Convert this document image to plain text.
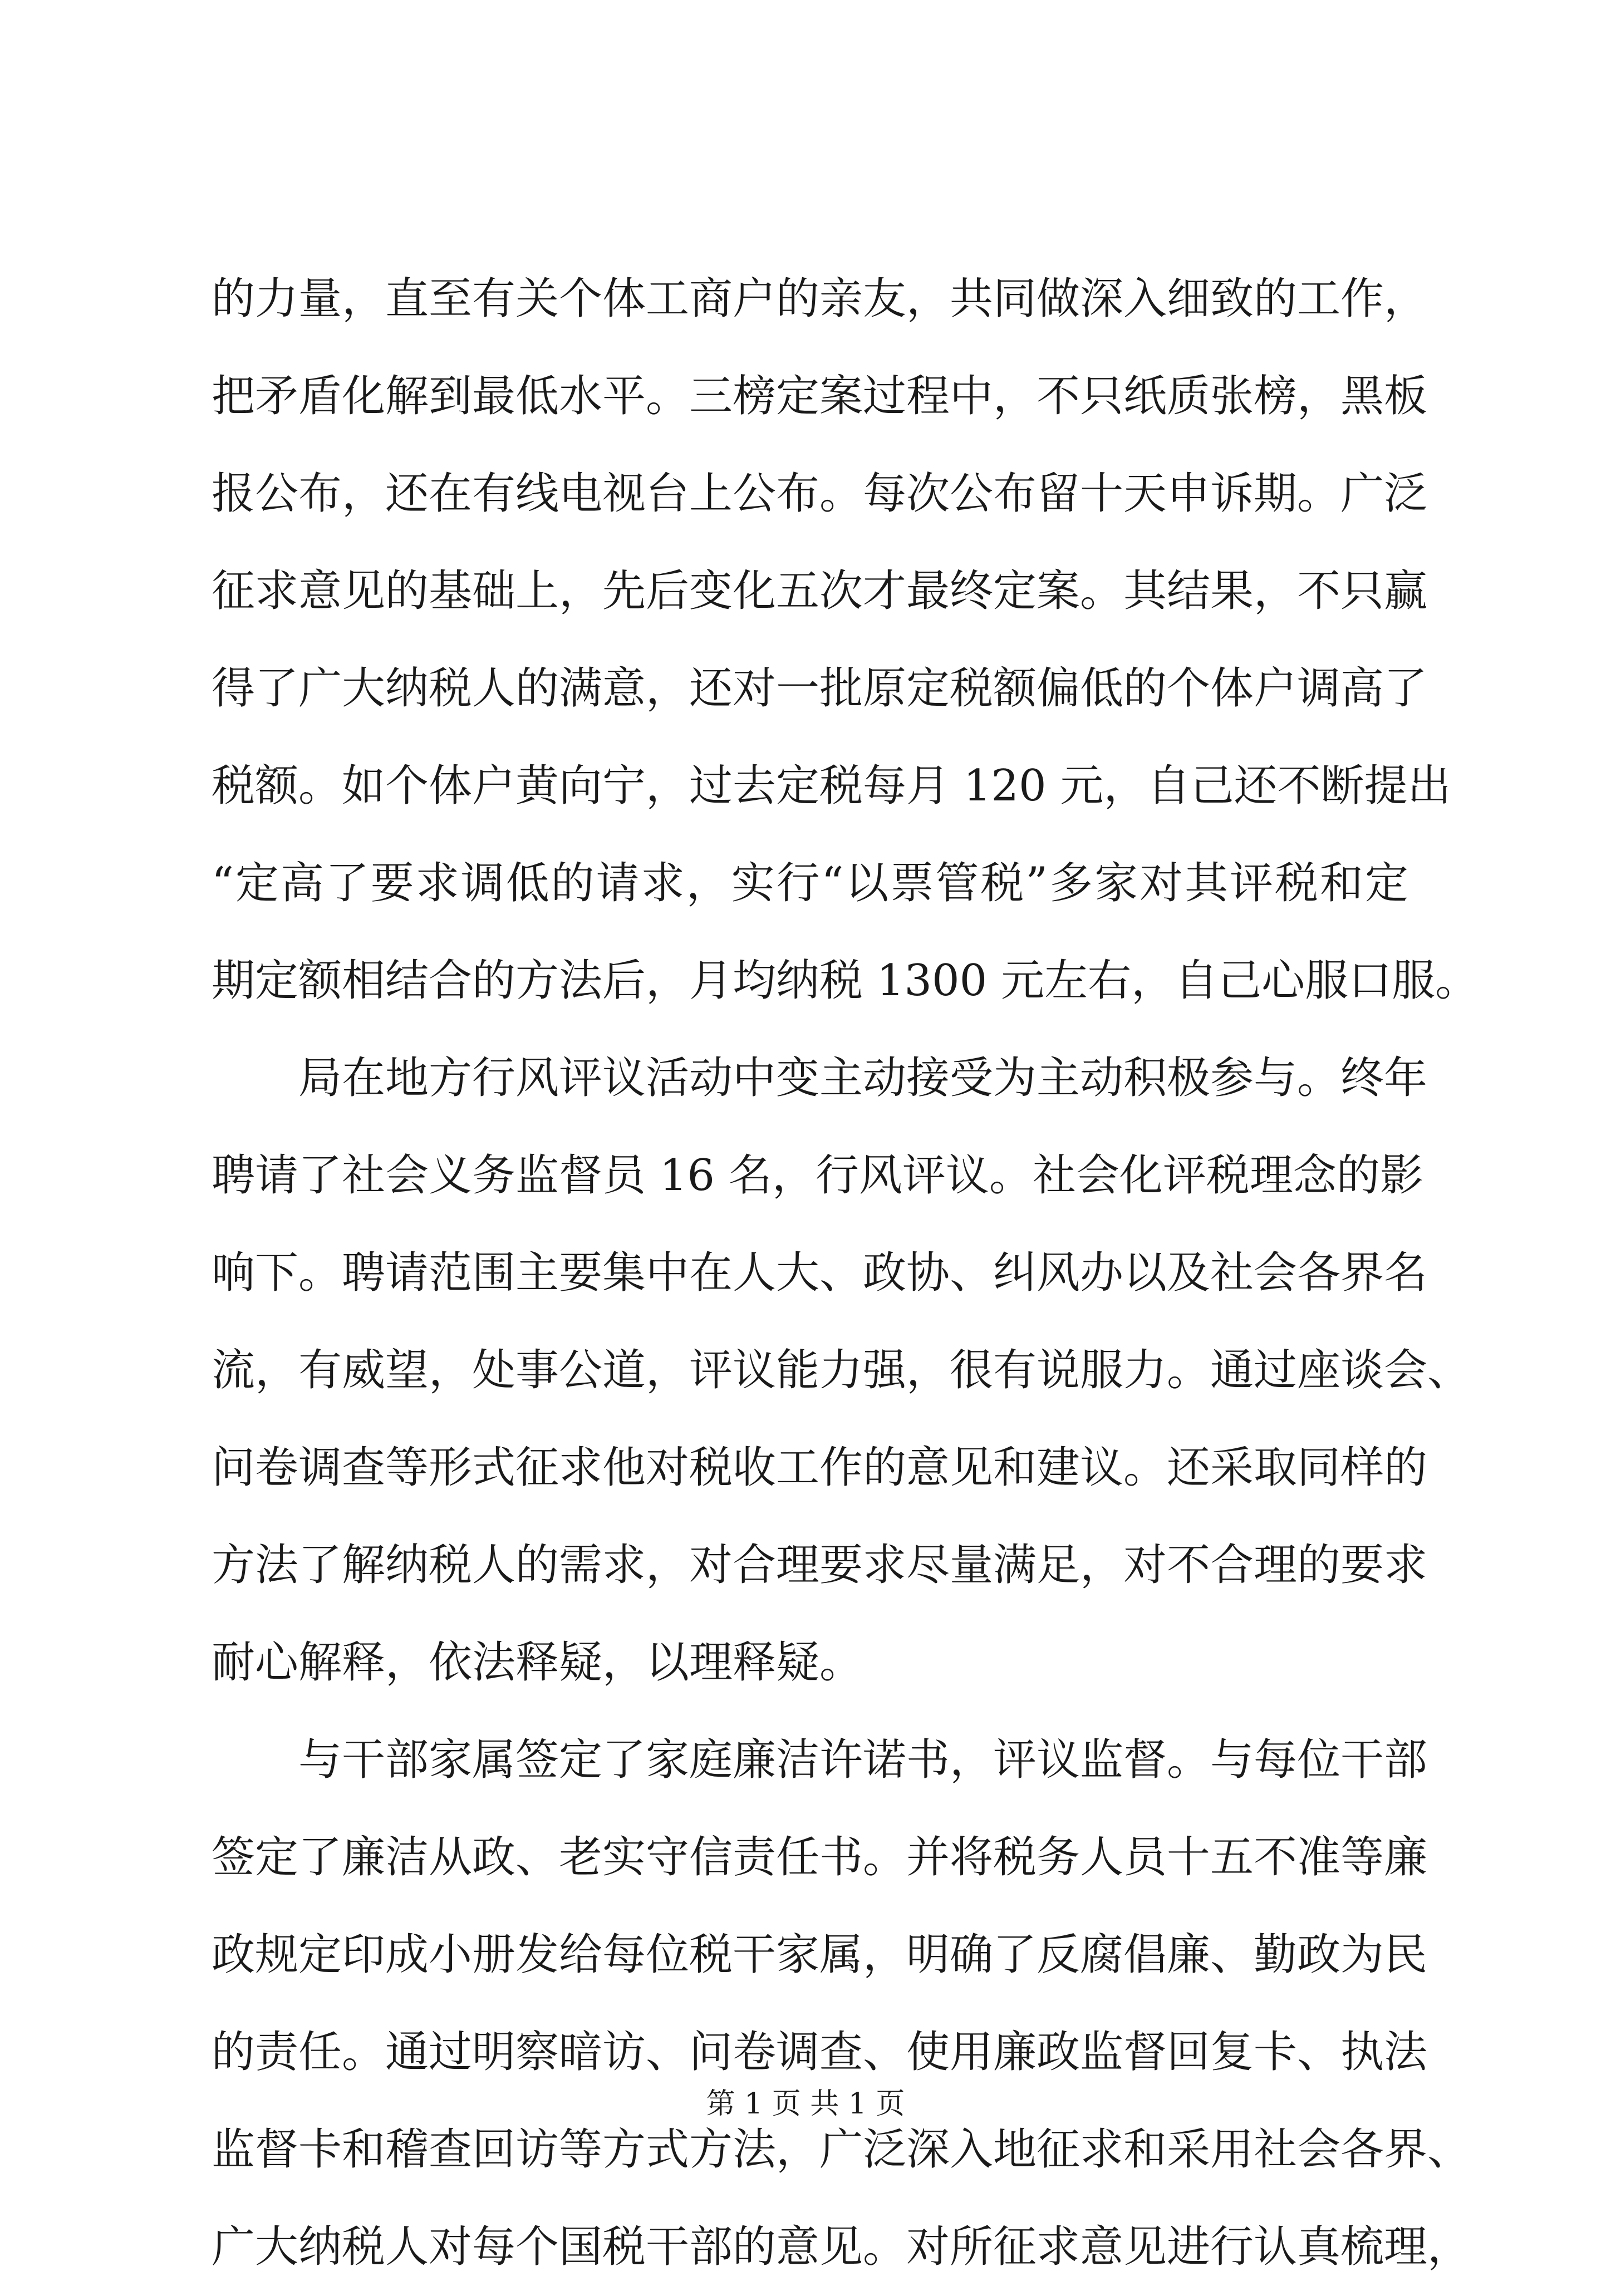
的力量，直至有关个体工商户的亲友，共同做深入细致的工作，
把矛盾化解到最低水平。三榜定案过程中，不只纸质张榜，黑板
报公布，还在有线电视台上公布。每次公布留十天申诉期。广泛
征求意见的基础上，先后变化五次才最终定案。其结果，不只赢
得了广大纳税人的满意，还对一批原定税额偏低的个体户调高了
税额。如个体户黄向宁，过去定税每月 120 元，自己还不断提出
“定高了要求调低的请求，实行“以票管税”多家对其评税和定
期定额相结合的方法后，月均纳税 1300 元左右，自己心服口服。
局在地方行风评议活动中变主动接受为主动积极参与。终年
聘请了社会义务监督员 16 名，行风评议。社会化评税理念的影
响下。聘请范围主要集中在人大、政协、纠风办以及社会各界名
流，有威望，处事公道，评议能力强，很有说服力。通过座谈会、
问卷调查等形式征求他对税收工作的意见和建议。还采取同样的
方法了解纳税人的需求，对合理要求尽量满足，对不合理的要求
耐心解释，依法释疑，以理释疑。
与干部家属签定了家庭廉洁许诺书，评议监督。与每位干部
签定了廉洁从政、老实守信责任书。并将税务人员十五不准等廉
政规定印成小册发给每位税干家属，明确了反腐倡廉、勤政为民
的责任。通过明察暗访、问卷调查、使用廉政监督回复卡、执法
监督卡和稽查回访等方式方法，广泛深入地征求和采用社会各界、
广大纳税人对每个国税干部的意见。对所征求意见进行认真梳理，
第 1 页 共 1 页
